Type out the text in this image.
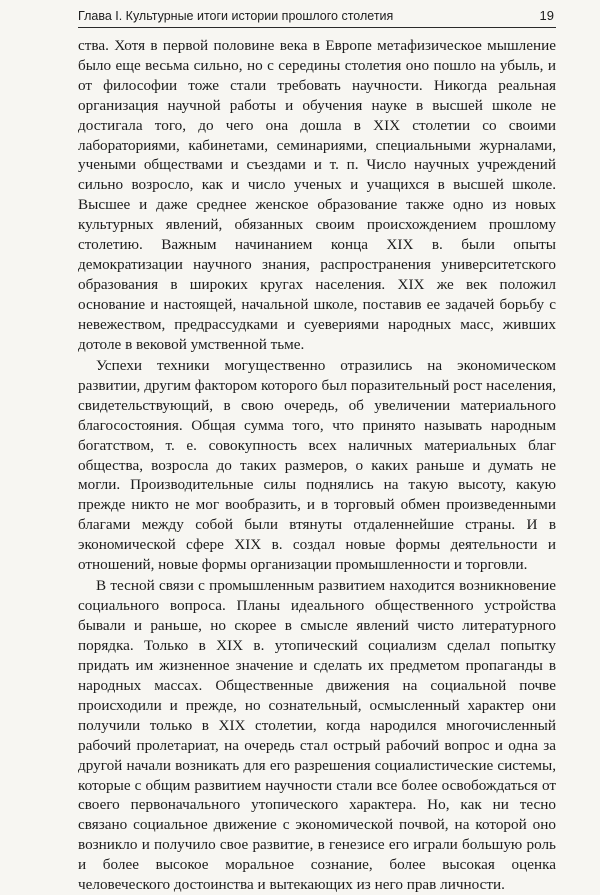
Глава I. Культурные итоги истории прошлого столетия	19

ства. Хотя в первой половине века в Европе метафизическое мышление было еще весьма сильно, но с середины столетия оно пошло на убыль, и от философии тоже стали требовать научности. Никогда реальная организация научной работы и обучения науке в высшей школе не достигала того, до чего она дошла в XIX столетии со своими лабораториями, кабинетами, семинариями, специальными журналами, учеными обществами и съездами и т. п. Число научных учреждений сильно возросло, как и число ученых и учащихся в высшей школе. Высшее и даже среднее женское образование также одно из новых культурных явлений, обязанных своим происхождением прошлому столетию. Важным начинанием конца XIX в. были опыты демократизации научного знания, распространения университетского образования в широких кругах населения. XIX же век положил основание и настоящей, начальной школе, поставив ее задачей борьбу с невежеством, предрассудками и суевериями народных масс, живших дотоле в вековой умственной тьме.

Успехи техники могущественно отразились на экономическом развитии, другим фактором которого был поразительный рост населения, свидетельствующий, в свою очередь, об увеличении материального благосостояния. Общая сумма того, что принято называть народным богатством, т. е. совокупность всех наличных материальных благ общества, возросла до таких размеров, о каких раньше и думать не могли. Производительные силы поднялись на такую высоту, какую прежде никто не мог вообразить, и в торговый обмен произведенными благами между собой были втянуты отдаленнейшие страны. И в экономической сфере XIX в. создал новые формы деятельности и отношений, новые формы организации промышленности и торговли.

В тесной связи с промышленным развитием находится возникновение социального вопроса. Планы идеального общественного устройства бывали и раньше, но скорее в смысле явлений чисто литературного порядка. Только в XIX в. утопический социализм сделал попытку придать им жизненное значение и сделать их предметом пропаганды в народных массах. Общественные движения на социальной почве происходили и прежде, но сознательный, осмысленный характер они получили только в XIX столетии, когда народился многочисленный рабочий пролетариат, на очередь стал острый рабочий вопрос и одна за другой начали возникать для его разрешения социалистические системы, которые с общим развитием научности стали все более освобождаться от своего первоначального утопического характера. Но, как ни тесно связано социальное движение с экономической почвой, на которой оно возникло и получило свое развитие, в генезисе его играли большую роль и более высокое моральное сознание, более высокая оценка человеческого достоинства и вытекающих из него прав личности.
